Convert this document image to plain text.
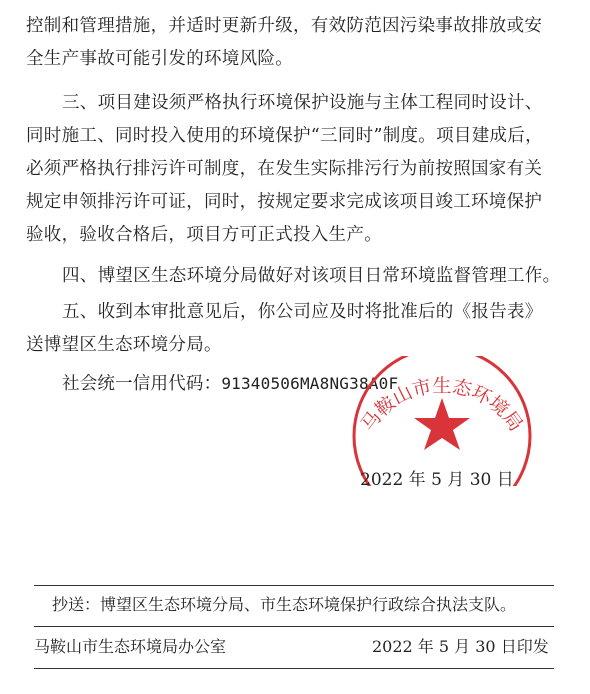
控制和管理措施，并适时更新升级，有效防范因污染事故排放或安
全生产事故可能引发的环境风险。
三、项目建设须严格执行环境保护设施与主体工程同时设计、
同时施工、同时投入使用的环境保护“三同时”制度。项目建成后，
必须严格执行排污许可制度，在发生实际排污行为前按照国家有关
规定申领排污许可证，同时，按规定要求完成该项目竣工环境保护
验收，验收合格后，项目方可正式投入生产。
四、博望区生态环境分局做好对该项目日常环境监督管理工作。
五、收到本审批意见后，你公司应及时将批准后的《报告表》
送博望区生态环境分局。
社会统一信用代码：91340506MA8NG38A0F
马鞍山市生态环境局
2022 年 5 月 30 日
抄送：博望区生态环境分局、市生态环境保护行政综合执法支队。
马鞍山市生态环境局办公室	2022 年 5 月 30 日印发
